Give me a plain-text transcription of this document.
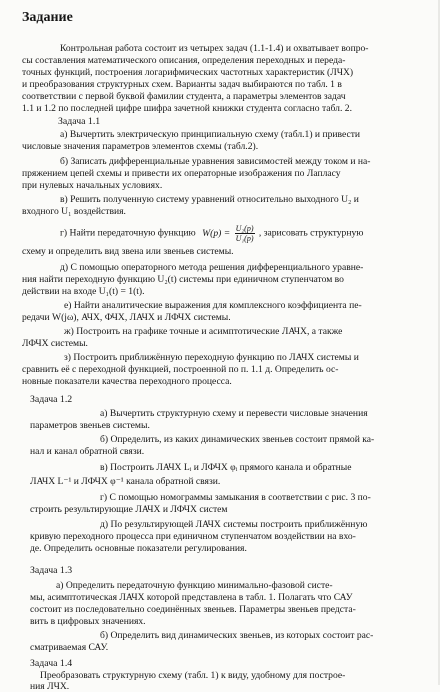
Задание
Контрольная работа состоит из четырех задач (1.1-1.4) и охватывает вопро-
сы составления математического описания, определения переходных и переда-
точных функций, построения логарифмических частотных характеристик (ЛЧХ)
и преобразования структурных схем. Варианты задач выбираются по табл. 1 в
соответствии с первой буквой фамилии студента, а параметры элементов задач
1.1 и 1.2 по последней цифре шифра зачетной книжки студента согласно табл. 2.
Задача 1.1
а) Вычертить электрическую принципиальную схему (табл.1) и привести
числовые значения параметров элементов схемы (табл.2).
б) Записать дифференциальные уравнения зависимостей между током и на-
пряжением цепей схемы и привести их операторные изображения по Лапласу
при нулевых начальных условиях.
в) Решить полученную систему уравнений относительно выходного U₂ и
входного U₁ воздействия.
г) Найти передаточную функцию $W(p) = \frac{\text{U₂(p)}}{\text{U₁(p)}}$ , зарисовать структурную
схему и определить вид звена или звеньев системы.
д) С помощью операторного метода решения дифференциального уравне-
ния найти переходную функцию U₂(t) системы при единичном ступенчатом во
действии на входе U₁(t) = 1(t).
е) Найти аналитические выражения для комплексного коэффициента пе-
редачи W(jω), АЧХ, ФЧХ, ЛАЧХ и ЛФЧХ системы.
ж) Построить на графике точные и асимптотические ЛАЧХ, а также
ЛФЧХ системы.
з) Построить приближённую переходную функцию по ЛАЧХ системы и
сравнить её с переходной функцией, построенной по п. 1.1 д. Определить ос-
новные показатели качества переходного процесса.
Задача 1.2
а) Вычертить структурную схему и перевести числовые значения
параметров звеньев системы.
б) Определить, из каких динамических звеньев состоит прямой ка-
нал и канал обратной связи.
в) Построить ЛАЧХ Lᵢ и ЛФЧХ φᵢ прямого канала и обратные
ЛАЧХ L⁻¹ и ЛФЧХ φ⁻¹ канала обратной связи.
г) С помощью номограммы замыкания в соответствии с рис. 3 по-
строить результирующие ЛАЧХ и ЛФЧХ систем
д) По результирующей ЛАЧХ системы построить приближённую
кривую переходного процесса при единичном ступенчатом воздействии на вхо-
де. Определить основные показатели регулирования.
Задача 1.3
а) Определить передаточную функцию минимально-фазовой систе-
мы, асимптотическая ЛАЧХ которой представлена в табл. 1. Полагать что САУ
состоит из последовательно соединённых звеньев. Параметры звеньев предста-
вить в цифровых значениях.
б) Определить вид динамических звеньев, из которых состоит рас-
сматриваемая САУ.
Задача 1.4
Преобразовать структурную схему (табл. 1) к виду, удобному для построе-
ния ЛЧХ.
